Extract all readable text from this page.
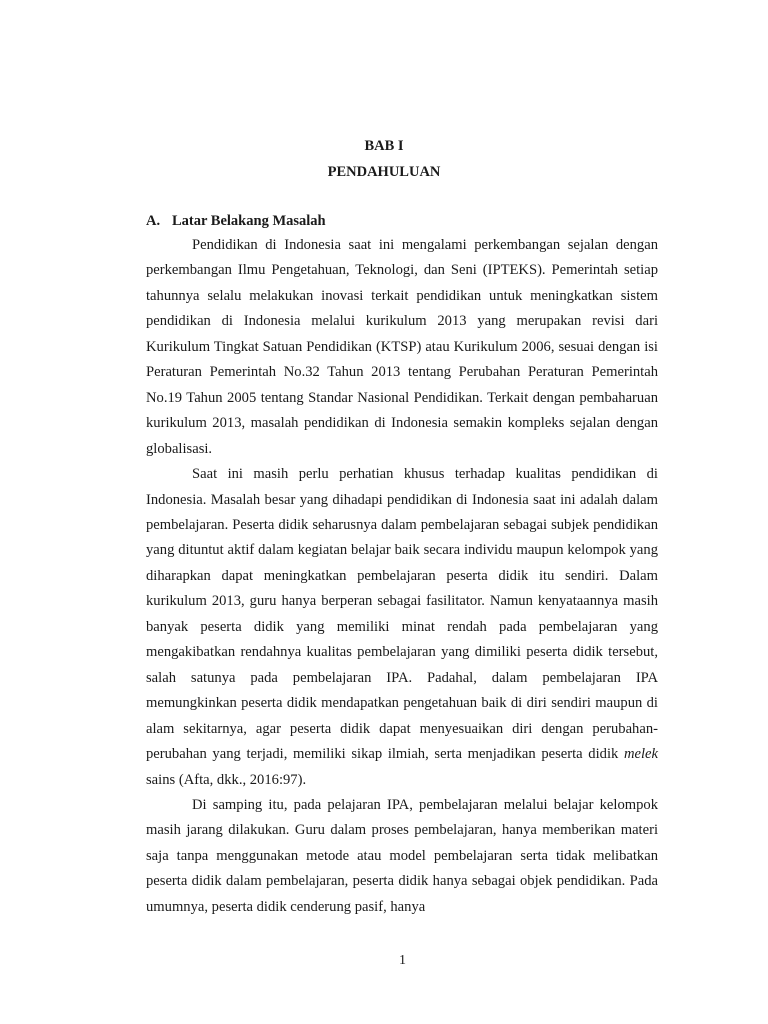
BAB I
PENDAHULUAN
A. Latar Belakang Masalah

Pendidikan di Indonesia saat ini mengalami perkembangan sejalan dengan perkembangan Ilmu Pengetahuan, Teknologi, dan Seni (IPTEKS). Pemerintah setiap tahunnya selalu melakukan inovasi terkait pendidikan untuk meningkatkan sistem pendidikan di Indonesia melalui kurikulum 2013 yang merupakan revisi dari Kurikulum Tingkat Satuan Pendidikan (KTSP) atau Kurikulum 2006, sesuai dengan isi Peraturan Pemerintah No.32 Tahun 2013 tentang Perubahan Peraturan Pemerintah No.19 Tahun 2005 tentang Standar Nasional Pendidikan. Terkait dengan pembaharuan kurikulum 2013, masalah pendidikan di Indonesia semakin kompleks sejalan dengan globalisasi.

Saat ini masih perlu perhatian khusus terhadap kualitas pendidikan di Indonesia. Masalah besar yang dihadapi pendidikan di Indonesia saat ini adalah dalam pembelajaran. Peserta didik seharusnya dalam pembelajaran sebagai subjek pendidikan yang dituntut aktif dalam kegiatan belajar baik secara individu maupun kelompok yang diharapkan dapat meningkatkan pembelajaran peserta didik itu sendiri. Dalam kurikulum 2013, guru hanya berperan sebagai fasilitator. Namun kenyataannya masih banyak peserta didik yang memiliki minat rendah pada pembelajaran yang mengakibatkan rendahnya kualitas pembelajaran yang dimiliki peserta didik tersebut, salah satunya pada pembelajaran IPA. Padahal, dalam pembelajaran IPA memungkinkan peserta didik mendapatkan pengetahuan baik di diri sendiri maupun di alam sekitarnya, agar peserta didik dapat menyesuaikan diri dengan perubahan-perubahan yang terjadi, memiliki sikap ilmiah, serta menjadikan peserta didik melek sains (Afta, dkk., 2016:97).

Di samping itu, pada pelajaran IPA, pembelajaran melalui belajar kelompok masih jarang dilakukan. Guru dalam proses pembelajaran, hanya memberikan materi saja tanpa menggunakan metode atau model pembelajaran serta tidak melibatkan peserta didik dalam pembelajaran, peserta didik hanya sebagai objek pendidikan. Pada umumnya, peserta didik cenderung pasif, hanya

1
